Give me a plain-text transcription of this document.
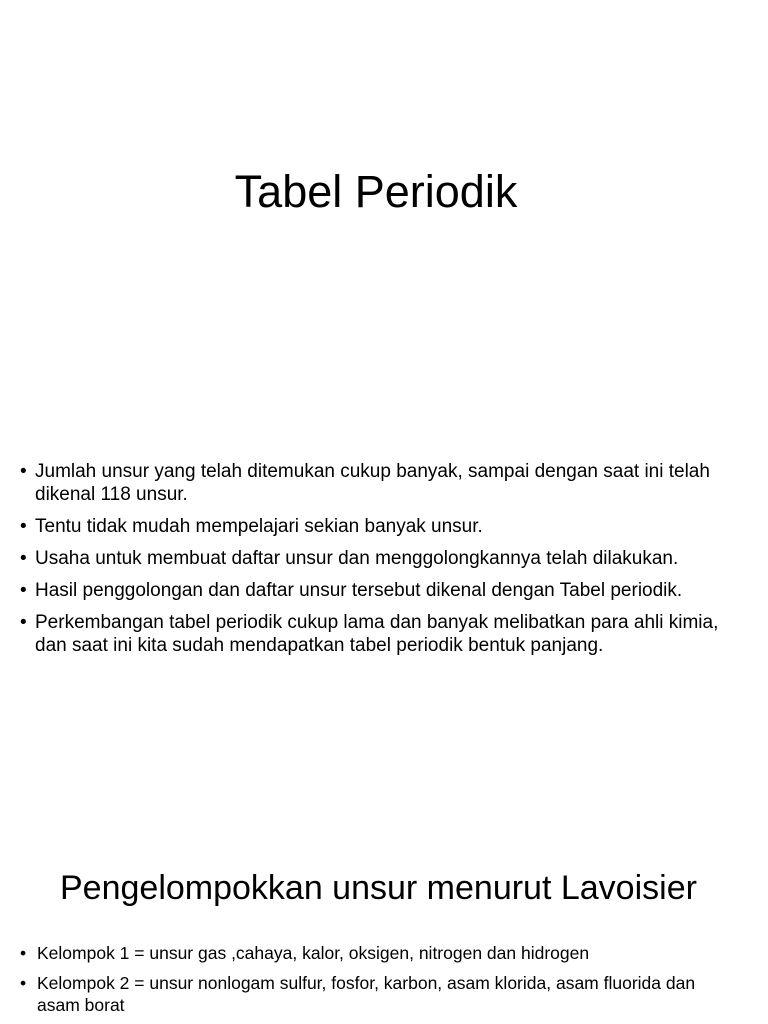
Tabel Periodik
• Jumlah unsur yang telah ditemukan cukup banyak, sampai dengan saat ini telah dikenal 118 unsur.
• Tentu tidak mudah mempelajari sekian banyak unsur.
• Usaha untuk membuat daftar unsur dan menggolongkannya telah dilakukan.
• Hasil penggolongan dan daftar unsur tersebut dikenal dengan Tabel periodik.
• Perkembangan tabel periodik cukup lama dan banyak melibatkan para ahli kimia, dan saat ini kita sudah mendapatkan tabel periodik bentuk panjang.
Pengelompokkan unsur menurut Lavoisier
• Kelompok 1 = unsur gas ,cahaya, kalor, oksigen, nitrogen dan hidrogen
• Kelompok 2 = unsur nonlogam sulfur, fosfor, karbon, asam klorida, asam fluorida dan asam borat
